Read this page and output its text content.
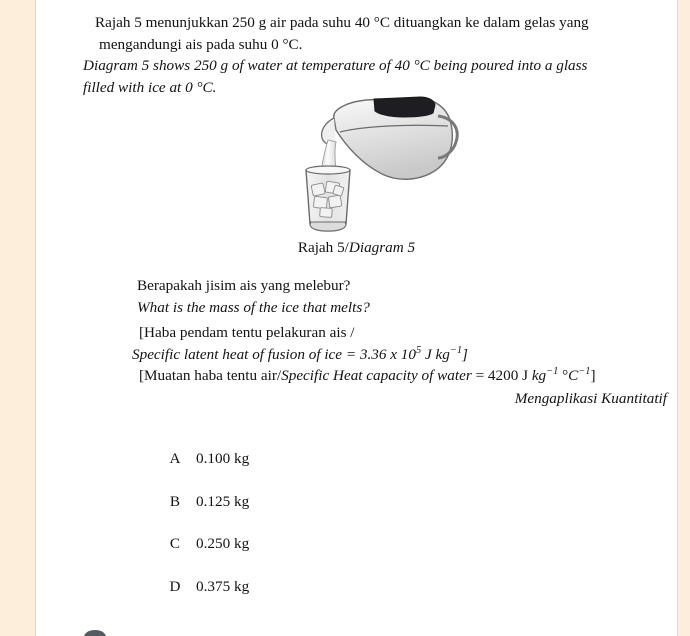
Rajah 5 menunjukkan 250 g air pada suhu 40 °C dituangkan ke dalam gelas yang
mengandungi ais pada suhu 0 °C.
Diagram 5 shows 250 g of water at temperature of 40 °C being poured into a glass
filled with ice at 0 °C.
Rajah 5/Diagram 5
Berapakah jisim ais yang melebur?
What is the mass of the ice that melts?
[Haba pendam tentu pelakuran ais /
Specific latent heat of fusion of ice = 3.36 x $10^5$ J $kg^{-1}$]
[Muatan haba tentu air/Specific Heat capacity of water = 4200 J $kg^{-1}$ $^\circ C^{-1}$]
Mengaplikasi Kuantitatif
A	0.100 kg
B	0.125 kg
C	0.250 kg
D	0.375 kg
